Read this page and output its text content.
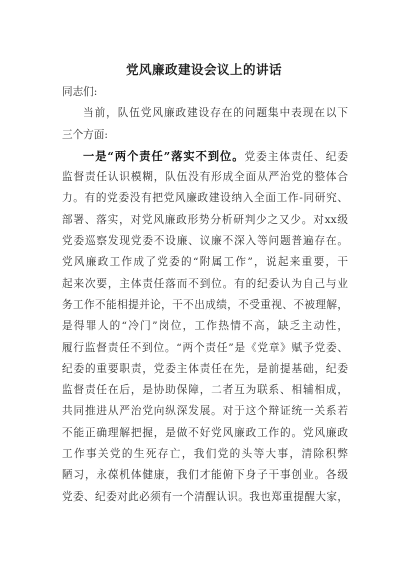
党风廉政建设会议上的讲话
同志们:
当前，队伍党风廉政建设存在的问题集中表现在以下
三个方面:
一是“两个责任”落实不到位。党委主体责任、纪委
监督责任认识模糊，队伍没有形成全面从严治党的整体合
力。有的党委没有把党风廉政建设纳入全面工作-同研究、
部署、落实，对党风廉政形势分析研判少之又少。对xx级
党委巡察发现党委不设廉、议廉不深入等问题普遍存在。
党风廉政工作成了党委的“附属工作”，说起来重要，干
起来次要，主体责任落而不到位。有的纪委认为自己与业
务工作不能相提并论，干不出成绩，不受重视、不被理解，
是得罪人的“冷门”岗位，工作热情不高，缺乏主动性，
履行监督责任不到位。“两个责任”是《党章》赋予党委、
纪委的重要职责，党委主体责任在先，是前提基础，纪委
监督责任在后，是协助保障，二者互为联系、相辅相成，
共同推进从严治党向纵深发展。对于这个辩证统一关系若
不能正确理解把握，是做不好党风廉政工作的。党风廉政
工作事关党的生死存亡，我们党的头等大事，清除积弊
陋习，永葆机体健康，我们才能俯下身子干事创业。各级
党委、纪委对此必须有一个清醒认识。我也郑重提醒大家，
